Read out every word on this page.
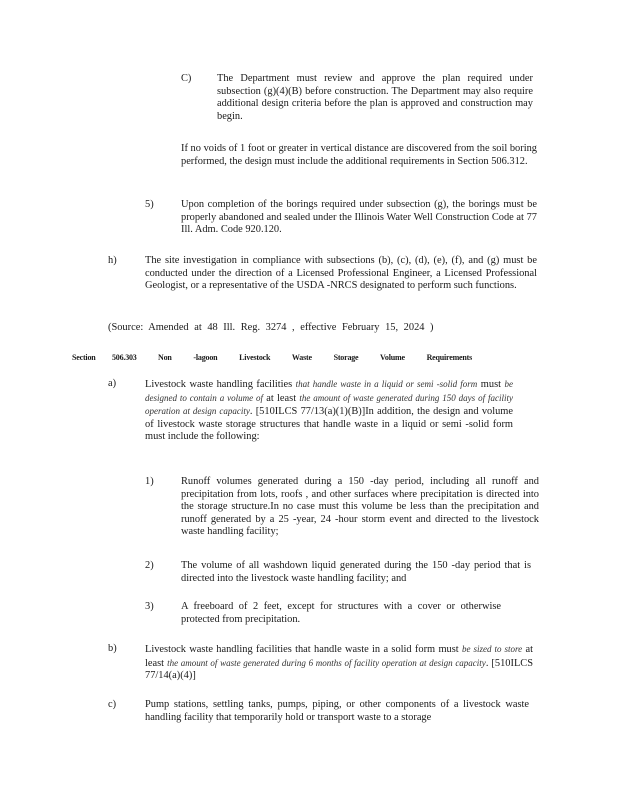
C) The Department must review and approve the plan required under subsection (g)(4)(B) before construction. The Department may also require additional design criteria before the plan is approved and construction may begin.
If no voids of 1 foot or greater in vertical distance are discovered from the soil boring performed, the design must include the additional requirements in Section 506.312.
5)	Upon completion of the borings required under subsection (g), the borings must be properly abandoned and sealed under the Illinois Water Well Construction Code at 77 Ill. Adm. Code 920.120.
h)	The site investigation in compliance with subsections (b), (c), (d), (e), (f), and (g) must be conducted under the direction of a Licensed Professional Engineer, a Licensed Professional Geologist, or a representative of the USDA -NRCS designated to perform such functions.
(Source: Amended at 48 Ill. Reg. 3274 , effective February 15, 2024 )
Section 506.303	Non -lagoon Livestock Waste Storage Volume Requirements
a)	Livestock waste handling facilities that handle waste in a liquid or semi -solid form must be designed to contain a volume of at least the amount of waste generated during 150 days of facility operation at design capacity. [510ILCS 77/13(a)(1)(B)]In addition, the design and volume of livestock waste storage structures that handle waste in a liquid or semi -solid form must include the following:
1)	Runoff volumes generated during a 150 -day period, including all runoff and precipitation from lots, roofs , and other surfaces where precipitation is directed into the storage structure.In no case must this volume be less than the precipitation and runoff generated by a 25 -year, 24 -hour storm event and directed to the livestock waste handling facility;
2)	The volume of all washdown liquid generated during the 150 -day period that is directed into the livestock waste handling facility; and
3)	A freeboard of 2 feet, except for structures with a cover or otherwise protected from precipitation.
b)	Livestock waste handling facilities that handle waste in a solid form must be sized to store at least the amount of waste generated during 6 months of facility operation at design capacity. [510ILCS 77/14(a)(4)]
c)	Pump stations, settling tanks, pumps, piping, or other components of a livestock waste handling facility that temporarily hold or transport waste to a storage
